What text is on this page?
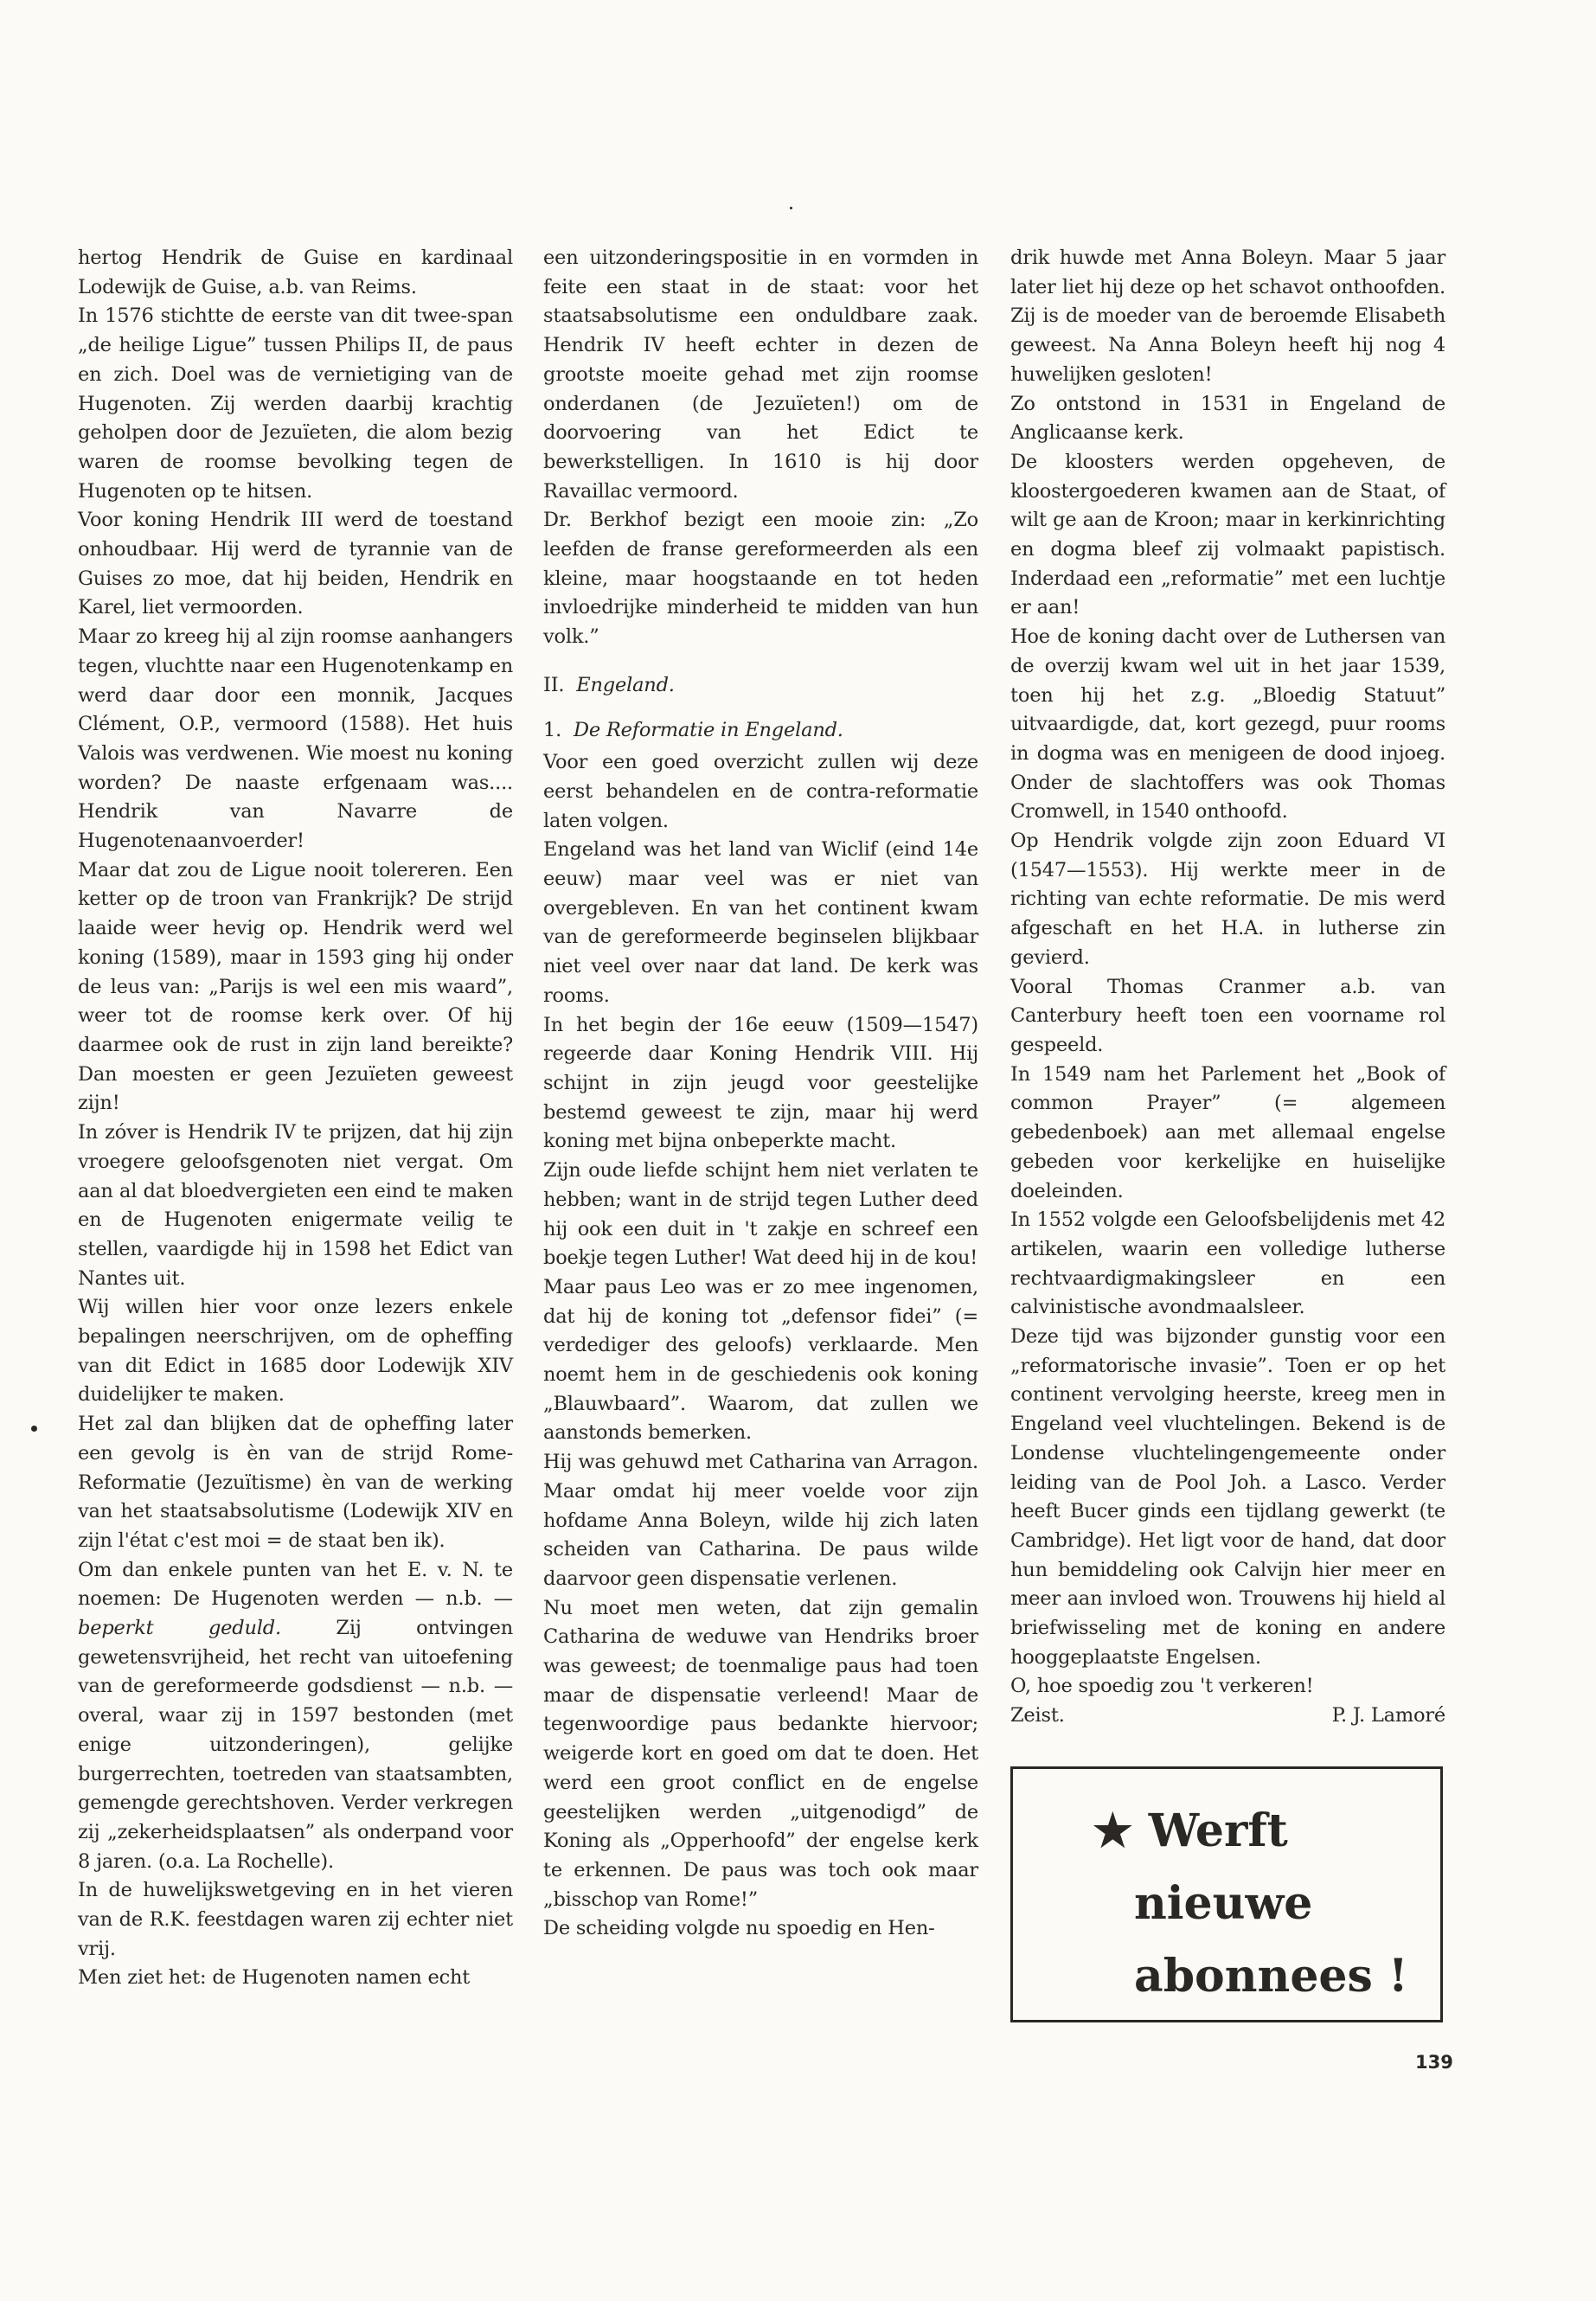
hertog Hendrik de Guise en kardinaal Lodewijk de Guise, a.b. van Reims.

In 1576 stichtte de eerste van dit twee-span „de heilige Ligue” tussen Philips II, de paus en zich. Doel was de vernietiging van de Hugenoten. Zij werden daarbij krachtig geholpen door de Jezuïeten, die alom bezig waren de roomse bevolking tegen de Hugenoten op te hitsen.

Voor koning Hendrik III werd de toestand onhoudbaar. Hij werd de tyrannie van de Guises zo moe, dat hij beiden, Hendrik en Karel, liet vermoorden.

Maar zo kreeg hij al zijn roomse aanhangers tegen, vluchtte naar een Hugenotenkamp en werd daar door een monnik, Jacques Clément, O.P., vermoord (1588). Het huis Valois was verdwenen. Wie moest nu koning worden? De naaste erfgenaam was.... Hendrik van Navarre de Hugenotenaanvoerder!

Maar dat zou de Ligue nooit tolereren. Een ketter op de troon van Frankrijk? De strijd laaide weer hevig op. Hendrik werd wel koning (1589), maar in 1593 ging hij onder de leus van: „Parijs is wel een mis waard”, weer tot de roomse kerk over. Of hij daarmee ook de rust in zijn land bereikte? Dan moesten er geen Jezuïeten geweest zijn!

In zóver is Hendrik IV te prijzen, dat hij zijn vroegere geloofsgenoten niet vergat. Om aan al dat bloedvergieten een eind te maken en de Hugenoten enigermate veilig te stellen, vaardigde hij in 1598 het Edict van Nantes uit.

Wij willen hier voor onze lezers enkele bepalingen neerschrijven, om de opheffing van dit Edict in 1685 door Lodewijk XIV duidelijker te maken.

Het zal dan blijken dat de opheffing later een gevolg is èn van de strijd Rome-Reformatie (Jezuïtisme) èn van de werking van het staatsabsolutisme (Lodewijk XIV en zijn l'état c'est moi = de staat ben ik).

Om dan enkele punten van het E. v. N. te noemen: De Hugenoten werden — n.b. — beperkt geduld.	Zij ontvingen gewetensvrijheid, het recht van uitoefening van de gereformeerde godsdienst — n.b. — overal, waar zij in 1597 bestonden (met enige uitzonderingen), gelijke burgerrechten, toetreden van staatsambten, gemengde gerechtshoven. Verder verkregen zij „zekerheidsplaatsen” als onderpand voor 8 jaren. (o.a. La Rochelle).

In de huwelijkswetgeving en in het vieren van de R.K. feestdagen waren zij echter niet vrij.

Men ziet het: de Hugenoten namen echt

een uitzonderingspositie in en vormden in feite een staat in de staat: voor het staatsabsolutisme een onduldbare zaak. Hendrik IV heeft echter in dezen de grootste moeite gehad met zijn roomse onderdanen (de Jezuïeten!) om de doorvoering van het Edict te bewerkstelligen. In 1610 is hij door Ravaillac vermoord.

Dr. Berkhof bezigt een mooie zin: „Zo leefden de franse gereformeerden als een kleine, maar hoogstaande en tot heden invloedrijke minderheid te midden van hun volk.”

II. Engeland.

1. De Reformatie in Engeland.

Voor een goed overzicht zullen wij deze eerst behandelen en de contra-reformatie laten volgen.

Engeland was het land van Wiclif (eind 14e eeuw) maar veel was er niet van overgebleven. En van het continent kwam van de gereformeerde beginselen blijkbaar niet veel over naar dat land. De kerk was rooms.

In het begin der 16e eeuw (1509—1547) regeerde daar Koning Hendrik VIII. Hij schijnt in zijn jeugd voor geestelijke bestemd geweest te zijn, maar hij werd koning met bijna onbeperkte macht.

Zijn oude liefde schijnt hem niet verlaten te hebben; want in de strijd tegen Luther deed hij ook een duit in 't zakje en schreef een boekje tegen Luther! Wat deed hij in de kou!

Maar paus Leo was er zo mee ingenomen, dat hij de koning tot „defensor fidei” (= verdediger des geloofs) verklaarde. Men noemt hem in de geschiedenis ook koning „Blauwbaard”. Waarom, dat zullen we aanstonds bemerken.

Hij was gehuwd met Catharina van Arragon. Maar omdat hij meer voelde voor zijn hofdame Anna Boleyn, wilde hij zich laten scheiden van Catharina. De paus wilde daarvoor geen dispensatie verlenen.

Nu moet men weten, dat zijn gemalin Catharina de weduwe van Hendriks broer was geweest; de toenmalige paus had toen maar de dispensatie verleend! Maar de tegenwoordige paus bedankte hiervoor; weigerde kort en goed om dat te doen. Het werd een groot conflict en de engelse geestelijken werden „uitgenodigd” de Koning als „Opperhoofd” der engelse kerk te erkennen. De paus was toch ook maar „bisschop van Rome!”

De scheiding volgde nu spoedig en Hen-

drik huwde met Anna Boleyn. Maar 5 jaar later liet hij deze op het schavot onthoofden. Zij is de moeder van de beroemde Elisabeth geweest. Na Anna Boleyn heeft hij nog 4 huwelijken gesloten!

Zo ontstond in 1531 in Engeland de Anglicaanse kerk.

De kloosters werden opgeheven, de kloostergoederen kwamen aan de Staat, of wilt ge aan de Kroon; maar in kerkinrichting en dogma bleef zij volmaakt papistisch. Inderdaad een „reformatie” met een luchtje er aan!

Hoe de koning dacht over de Luthersen van de overzij kwam wel uit in het jaar 1539, toen hij het z.g. „Bloedig Statuut” uitvaardigde, dat, kort gezegd, puur rooms in dogma was en menigeen de dood injoeg. Onder de slachtoffers was ook Thomas Cromwell, in 1540 onthoofd.

Op Hendrik volgde zijn zoon Eduard VI (1547—1553). Hij werkte meer in de richting van echte reformatie. De mis werd afgeschaft en het H.A. in lutherse zin gevierd.

Vooral Thomas Cranmer a.b. van Canterbury heeft toen een voorname rol gespeeld.

In 1549 nam het Parlement het „Book of common Prayer” (= algemeen gebedenboek) aan met allemaal engelse gebeden voor kerkelijke en huiselijke doeleinden.

In 1552 volgde een Geloofsbelijdenis met 42 artikelen, waarin een volledige lutherse rechtvaardigmakingsleer en een calvinistische avondmaalsleer.

Deze tijd was bijzonder gunstig voor een „reformatorische invasie”. Toen er op het continent vervolging heerste, kreeg men in Engeland veel vluchtelingen. Bekend is de Londense vluchtelingengemeente onder leiding van de Pool Joh. a Lasco. Verder heeft Bucer ginds een tijdlang gewerkt (te Cambridge). Het ligt voor de hand, dat door hun bemiddeling ook Calvijn hier meer en meer aan invloed won. Trouwens hij hield al briefwisseling met de koning en andere hooggeplaatste Engelsen.

O, hoe spoedig zou 't verkeren!

Zeist.	P. J. Lamoré

★ Werft
nieuwe
abonnees !
139
